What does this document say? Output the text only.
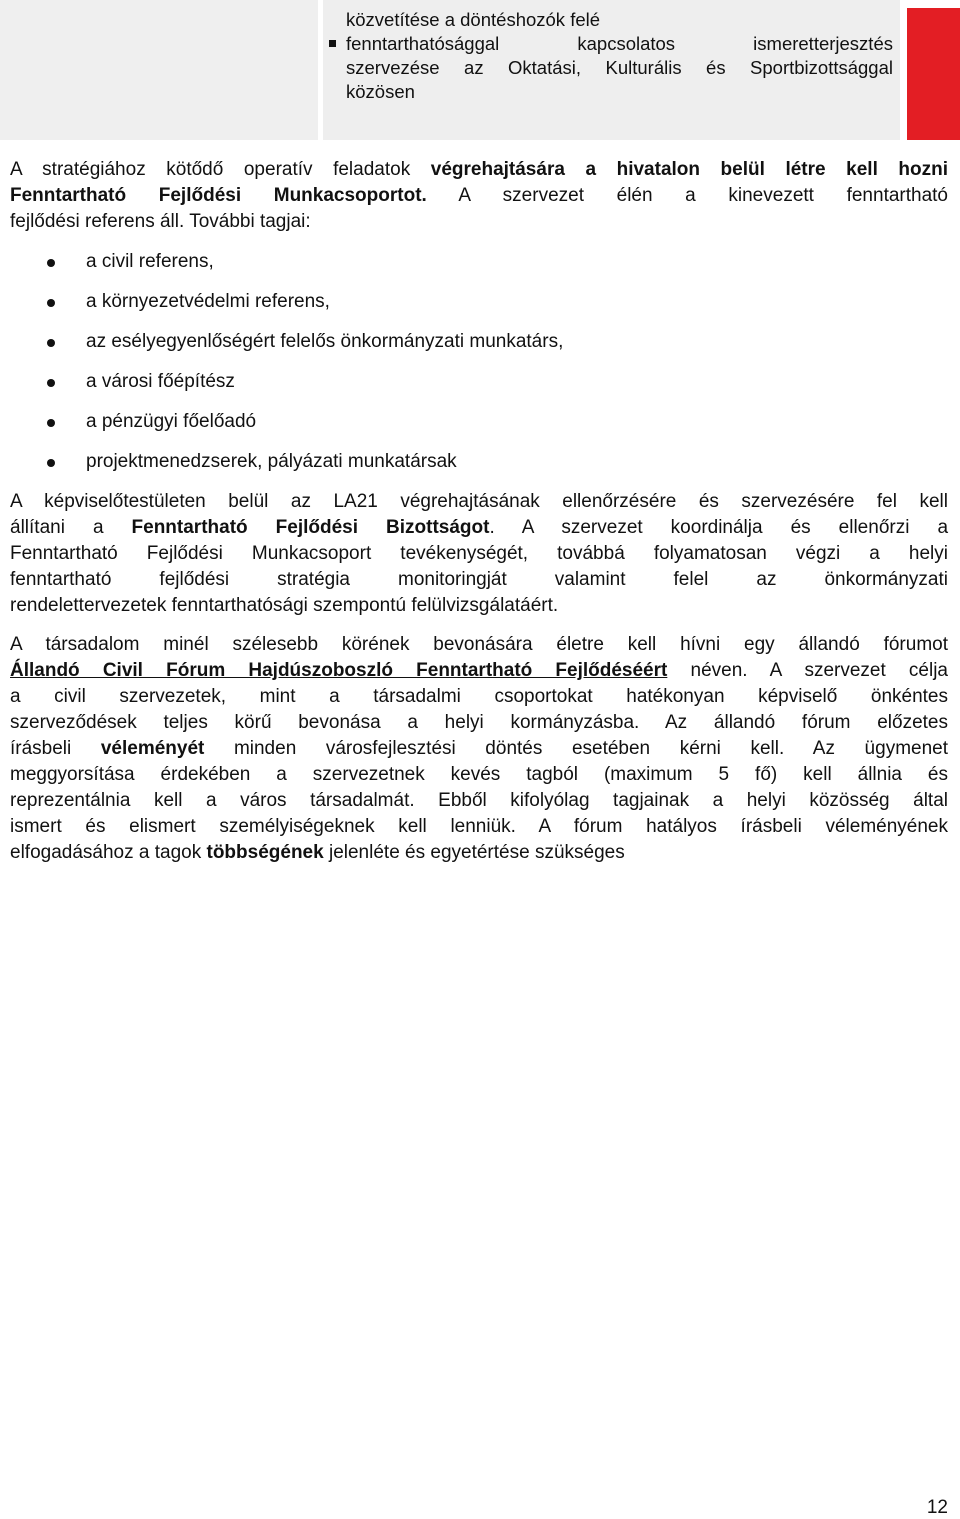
közvetítése a döntéshozók felé
fenntarthatósággal kapcsolatos ismeretterjesztés
szervezése az Oktatási, Kulturális és Sportbizottsággal
közösen
A stratégiához kötődő operatív feladatok végrehajtására a hivatalon belül létre kell hozni
Fenntartható Fejlődési Munkacsoportot. A szervezet élén a kinevezett fenntartható
fejlődési referens áll. További tagjai:
a civil referens,
a környezetvédelmi referens,
az esélyegyenlőségért felelős önkormányzati munkatárs,
a városi főépítész
a pénzügyi főelőadó
projektmenedzserek, pályázati munkatársak
A képviselőtestületen belül az LA21 végrehajtásának ellenőrzésére és szervezésére fel kell
állítani a Fenntartható Fejlődési Bizottságot. A szervezet koordinálja és ellenőrzi a
Fenntartható Fejlődési Munkacsoport tevékenységét, továbbá folyamatosan végzi a helyi
fenntartható fejlődési stratégia monitoringját valamint felel az önkormányzati
rendelettervezetek fenntarthatósági szempontú felülvizsgálatáért.
A társadalom minél szélesebb körének bevonására életre kell hívni egy állandó fórumot
Állandó Civil Fórum Hajdúszoboszló Fenntartható Fejlődéséért néven. A szervezet célja
a civil szervezetek, mint a társadalmi csoportokat hatékonyan képviselő önkéntes
szerveződések teljes körű bevonása a helyi kormányzásba. Az állandó fórum előzetes
írásbeli véleményét minden városfejlesztési döntés esetében kérni kell. Az ügymenet
meggyorsítása érdekében a szervezetnek kevés tagból (maximum 5 fő) kell állnia és
reprezentálnia kell a város társadalmát. Ebből kifolyólag tagjainak a helyi közösség által
ismert és elismert személyiségeknek kell lenniük. A fórum hatályos írásbeli véleményének
elfogadásához a tagok többségének jelenléte és egyetértése szükséges
12
